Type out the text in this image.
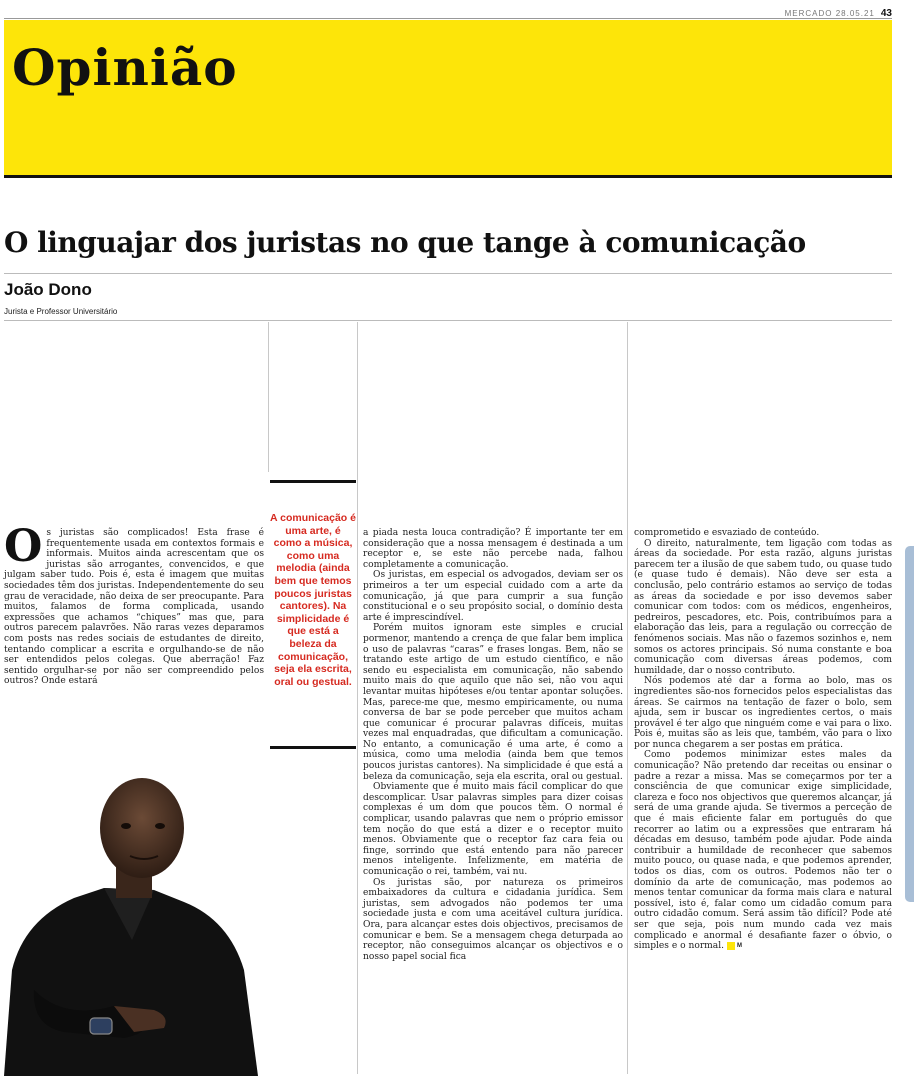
MERCADO 28.05.21 43
Opinião
O linguajar dos juristas no que tange à comunicação
João Dono
Jurista e Professor Universitário
A comunicação é uma arte, é como a música, como uma melodia (ainda bem que temos poucos juristas cantores). Na simplicidade é que está a beleza da comunicação, seja ela escrita, oral ou gestual.

Os juristas são complicados! Esta frase é frequentemente usada em contextos formais e informais. Muitos ainda acrescentam que os juristas são arrogantes, convencidos, e que julgam saber tudo. Pois é, esta é imagem que muitas sociedades têm dos juristas. Independentemente do seu grau de veracidade, não deixa de ser preocupante. Para muitos, falamos de forma complicada, usando expressões que achamos “chiques” mas que, para outros parecem palavrões. Não raras vezes deparamos com posts nas redes sociais de estudantes de direito, tentando complicar a escrita e orgulhando-se de não ser entendidos pelos colegas. Que aberração! Faz sentido orgulhar-se por não ser compreendido pelos outros? Onde estará

a piada nesta louca contradição? É importante ter em consideração que a nossa mensagem é destinada a um receptor e, se este não percebe nada, falhou completamente a comunicação.

Os juristas, em especial os advogados, deviam ser os primeiros a ter um especial cuidado com a arte da comunicação, já que para cumprir a sua função constitucional e o seu propósito social, o domínio desta arte é imprescindível.

Porém muitos ignoram este simples e crucial pormenor, mantendo a crença de que falar bem implica o uso de palavras “caras” e frases longas. Bem, não se tratando este artigo de um estudo científico, e não sendo eu especialista em comunicação, não sabendo muito mais do que aquilo que não sei, não vou aqui levantar muitas hipóteses e/ou tentar apontar soluções. Mas, parece-me que, mesmo empiricamente, ou numa conversa de bar se pode perceber que muitos acham que comunicar é procurar palavras difíceis, muitas vezes mal enquadradas, que dificultam a comunicação. No entanto, a comunicação é uma arte, é como a música, como uma melodia (ainda bem que temos poucos juristas cantores). Na simplicidade é que está a beleza da comunicação, seja ela escrita, oral ou gestual.

Obviamente que é muito mais fácil complicar do que descomplicar. Usar palavras simples para dizer coisas complexas é um dom que poucos têm. O normal é complicar, usando palavras que nem o próprio emissor tem noção do que está a dizer e o receptor muito menos. Obviamente que o receptor faz cara feia ou finge, sorrindo que está entendo para não parecer menos inteligente. Infelizmente, em matéria de comunicação o rei, também, vai nu.

Os juristas são, por natureza os primeiros embaixadores da cultura e cidadania jurídica. Sem juristas, sem advogados não podemos ter uma sociedade justa e com uma aceitável cultura jurídica. Ora, para alcançar estes dois objectivos, precisamos de comunicar e bem. Se a mensagem chega deturpada ao receptor, não conseguimos alcançar os objectivos e o nosso papel social fica

comprometido e esvaziado de conteúdo.

O direito, naturalmente, tem ligação com todas as áreas da sociedade. Por esta razão, alguns juristas parecem ter a ilusão de que sabem tudo, ou quase tudo (e quase tudo é demais). Não deve ser esta a conclusão, pelo contrário estamos ao serviço de todas as áreas da sociedade e por isso devemos saber comunicar com todos: com os médicos, engenheiros, pedreiros, pescadores, etc. Pois, contribuímos para a elaboração das leis, para a regulação ou correcção de fenómenos sociais. Mas não o fazemos sozinhos e, nem somos os actores principais. Só numa constante e boa comunicação com diversas áreas podemos, com humildade, dar o nosso contributo.

Nós podemos até dar a forma ao bolo, mas os ingredientes são-nos fornecidos pelos especialistas das áreas. Se cairmos na tentação de fazer o bolo, sem ajuda, sem ir buscar os ingredientes certos, o mais provável é ter algo que ninguém come e vai para o lixo. Pois é, muitas são as leis que, também, vão para o lixo por nunca chegarem a ser postas em prática.

Como podemos minimizar estes males da comunicação? Não pretendo dar receitas ou ensinar o padre a rezar a missa. Mas se começarmos por ter a consciência de que comunicar exige simplicidade, clareza e foco nos objectivos que queremos alcançar, já será de uma grande ajuda. Se tivermos a perceção de que é mais eficiente falar em português do que recorrer ao latim ou a expressões que entraram há décadas em desuso, também pode ajudar. Pode ainda contribuir a humildade de reconhecer que sabemos muito pouco, ou quase nada, e que podemos aprender, todos os dias, com os outros. Podemos não ter o domínio da arte de comunicação, mas podemos ao menos tentar comunicar da forma mais clara e natural possível, isto é, falar como um cidadão comum para outro cidadão comum. Será assim tão difícil? Pode até ser que seja, pois num mundo cada vez mais complicado e anormal é desafiante fazer o óbvio, o simples e o normal. M
